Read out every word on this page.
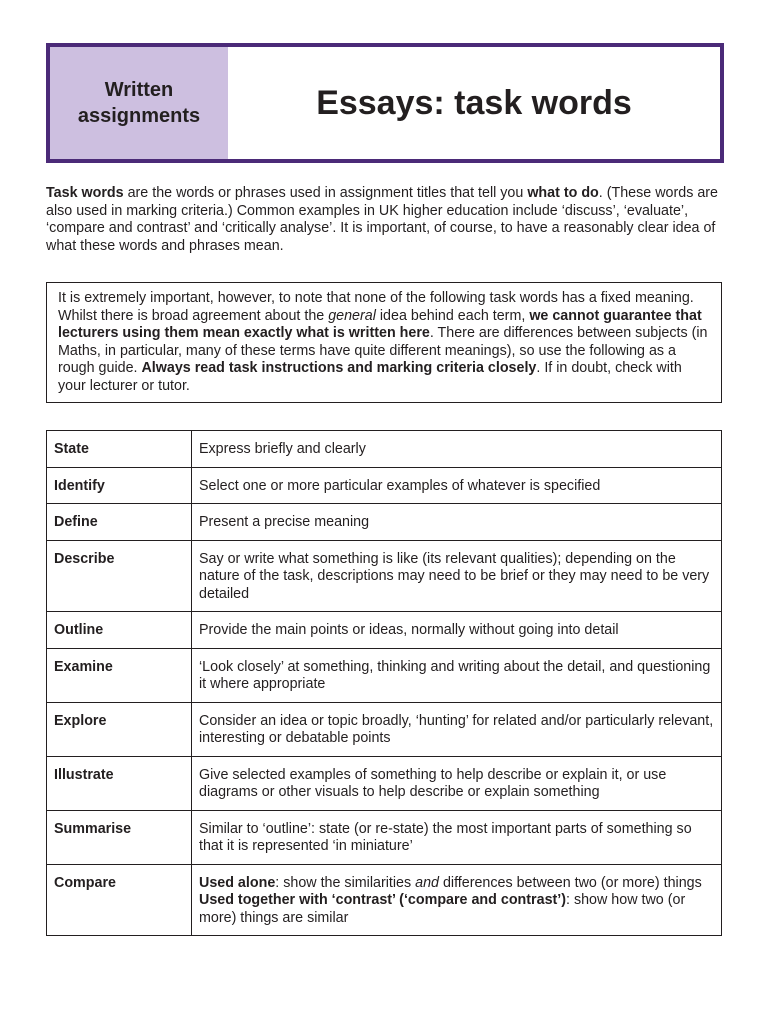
Written
assignments	Essays: task words

Task words are the words or phrases used in assignment titles that tell you what to do. (These words are also used in marking criteria.) Common examples in UK higher education include ‘discuss’, ‘evaluate’, ‘compare and contrast’ and ‘critically analyse’. It is important, of course, to have a reasonably clear idea of what these words and phrases mean.

It is extremely important, however, to note that none of the following task words has a fixed meaning. Whilst there is broad agreement about the general idea behind each term, we cannot guarantee that lecturers using them mean exactly what is written here. There are differences between subjects (in Maths, in particular, many of these terms have quite different meanings), so use the following as a rough guide. Always read task instructions and marking criteria closely. If in doubt, check with your lecturer or tutor.

State	Express briefly and clearly
Identify	Select one or more particular examples of whatever is specified
Define	Present a precise meaning
Describe	Say or write what something is like (its relevant qualities); depending on the nature of the task, descriptions may need to be brief or they may need to be very detailed
Outline	Provide the main points or ideas, normally without going into detail
Examine	‘Look closely’ at something, thinking and writing about the detail, and questioning it where appropriate
Explore	Consider an idea or topic broadly, ‘hunting’ for related and/or particularly relevant, interesting or debatable points
Illustrate	Give selected examples of something to help describe or explain it, or use diagrams or other visuals to help describe or explain something
Summarise	Similar to ‘outline’: state (or re-state) the most important parts of something so that it is represented ‘in miniature’
Compare	Used alone: show the similarities and differences between two (or more) things
Used together with ‘contrast’ (‘compare and contrast’): show how two (or more) things are similar
